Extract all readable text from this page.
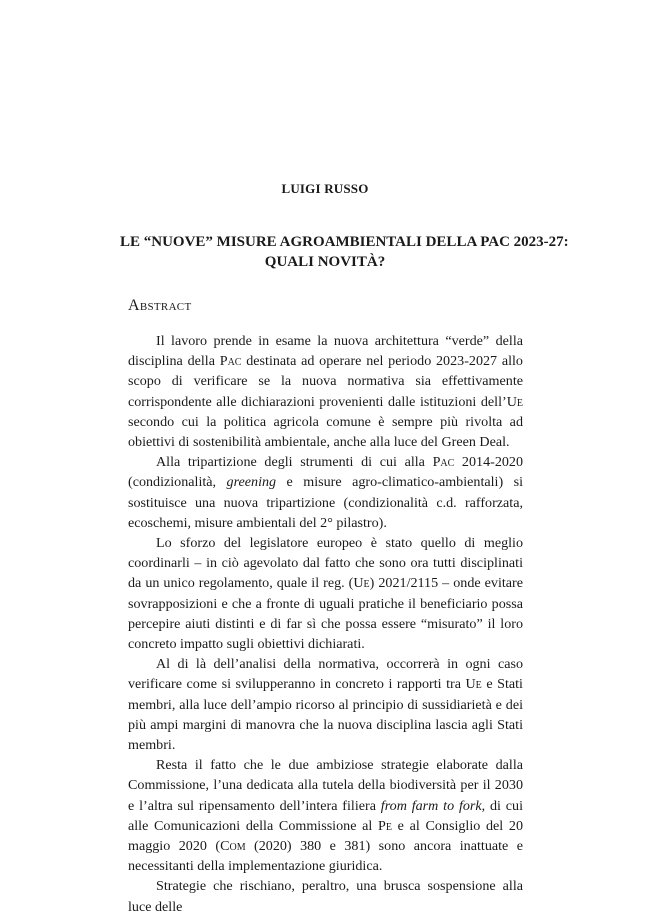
LUIGI RUSSO
LE “NUOVE” MISURE AGROAMBIENTALI DELLA PAC 2023-27:
QUALI NOVITÀ?
Abstract

Il lavoro prende in esame la nuova architettura “verde” della disciplina della Pac destinata ad operare nel periodo 2023-2027 allo scopo di verificare se la nuova normativa sia effettivamente corrispondente alle dichiarazioni provenienti dalle istituzioni dell’Ue secondo cui la politica agricola comune è sempre più rivolta ad obiettivi di sostenibilità ambientale, anche alla luce del Green Deal.

Alla tripartizione degli strumenti di cui alla Pac 2014-2020 (condizionalità, greening e misure agro-climatico-ambientali) si sostituisce una nuova tripartizione (condizionalità c.d. rafforzata, ecoschemi, misure ambientali del 2° pilastro).

Lo sforzo del legislatore europeo è stato quello di meglio coordinarli – in ciò agevolato dal fatto che sono ora tutti disciplinati da un unico regolamento, quale il reg. (Ue) 2021/2115 – onde evitare sovrapposizioni e che a fronte di uguali pratiche il beneficiario possa percepire aiuti distinti e di far sì che possa essere “misurato” il loro concreto impatto sugli obiettivi dichiarati.

Al di là dell’analisi della normativa, occorrerà in ogni caso verificare come si svilupperanno in concreto i rapporti tra Ue e Stati membri, alla luce dell’ampio ricorso al principio di sussidiarietà e dei più ampi margini di manovra che la nuova disciplina lascia agli Stati membri.

Resta il fatto che le due ambiziose strategie elaborate dalla Commissione, l’una dedicata alla tutela della biodiversità per il 2030 e l’altra sul ripensamento dell’intera filiera from farm to fork, di cui alle Comunicazioni della Commissione al Pe e al Consiglio del 20 maggio 2020 (Com (2020) 380 e 381) sono ancora inattuate e necessitanti della implementazione giuridica.

Strategie che rischiano, peraltro, una brusca sospensione alla luce delle
